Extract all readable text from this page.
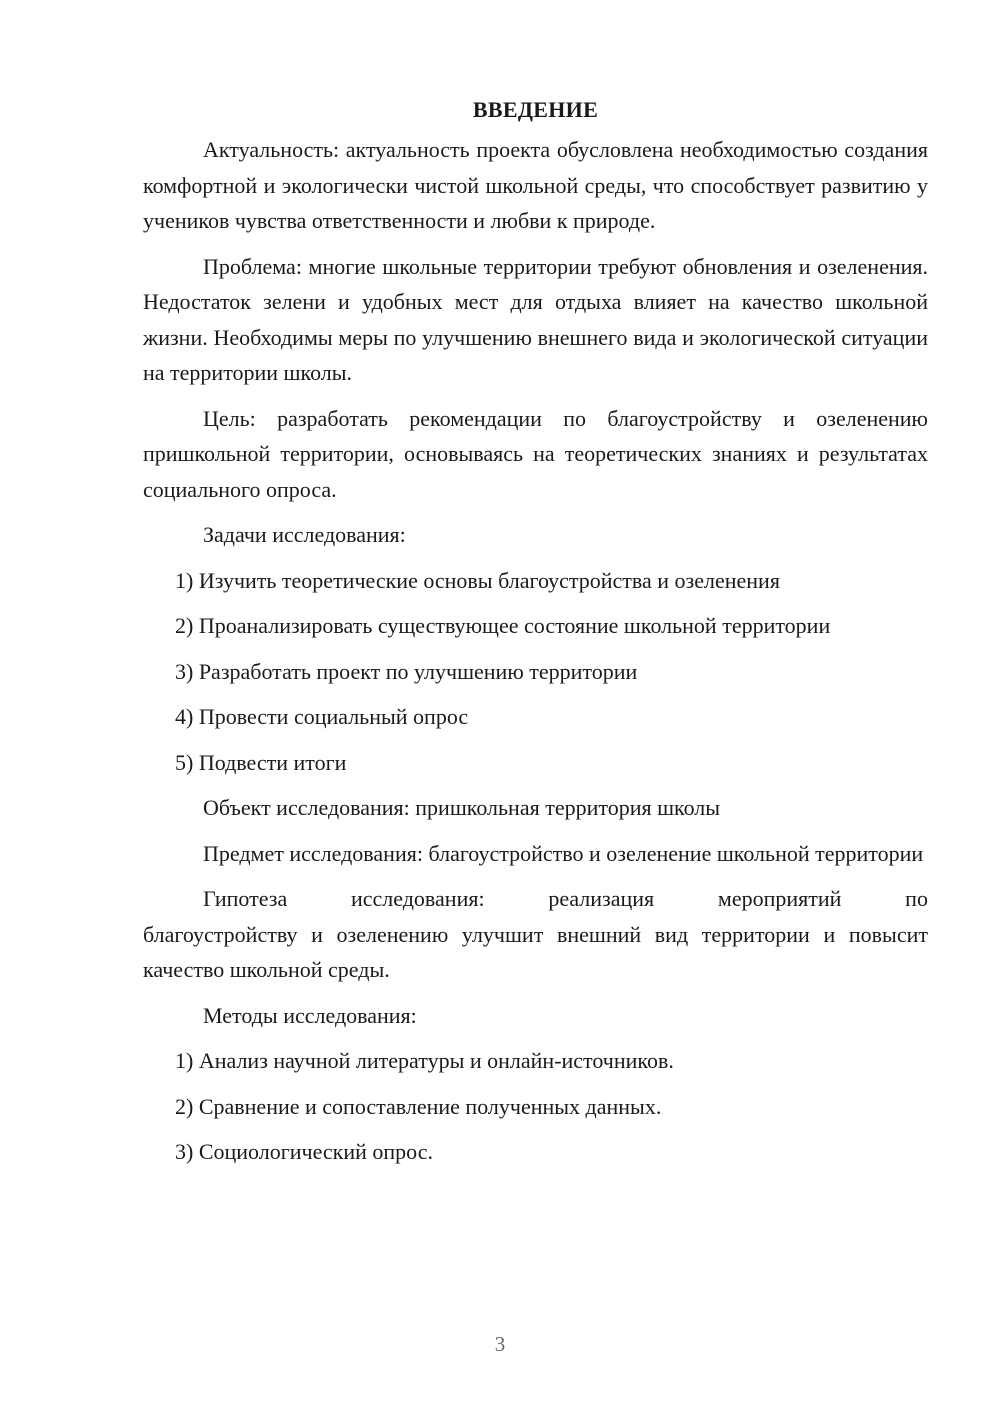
ВВЕДЕНИЕ

Актуальность: актуальность проекта обусловлена необходимостью создания комфортной и экологически чистой школьной среды, что способствует развитию у учеников чувства ответственности и любви к природе.

Проблема: многие школьные территории требуют обновления и озеленения. Недостаток зелени и удобных мест для отдыха влияет на качество школьной жизни. Необходимы меры по улучшению внешнего вида и экологической ситуации на территории школы.

Цель: разработать рекомендации по благоустройству и озеленению пришкольной территории, основываясь на теоретических знаниях и результатах социального опроса.

Задачи исследования:

1) Изучить теоретические основы благоустройства и озеленения
2) Проанализировать существующее состояние школьной территории
3) Разработать проект по улучшению территории
4) Провести социальный опрос
5) Подвести итоги

Объект исследования: пришкольная территория школы

Предмет исследования: благоустройство и озеленение школьной территории

Гипотеза	исследования:	реализация	мероприятий	по

благоустройству и озеленению улучшит внешний вид территории и повысит качество школьной среды.

Методы исследования:

1) Анализ научной литературы и онлайн-источников.
2) Сравнение и сопоставление полученных данных.
3) Социологический опрос.
3
